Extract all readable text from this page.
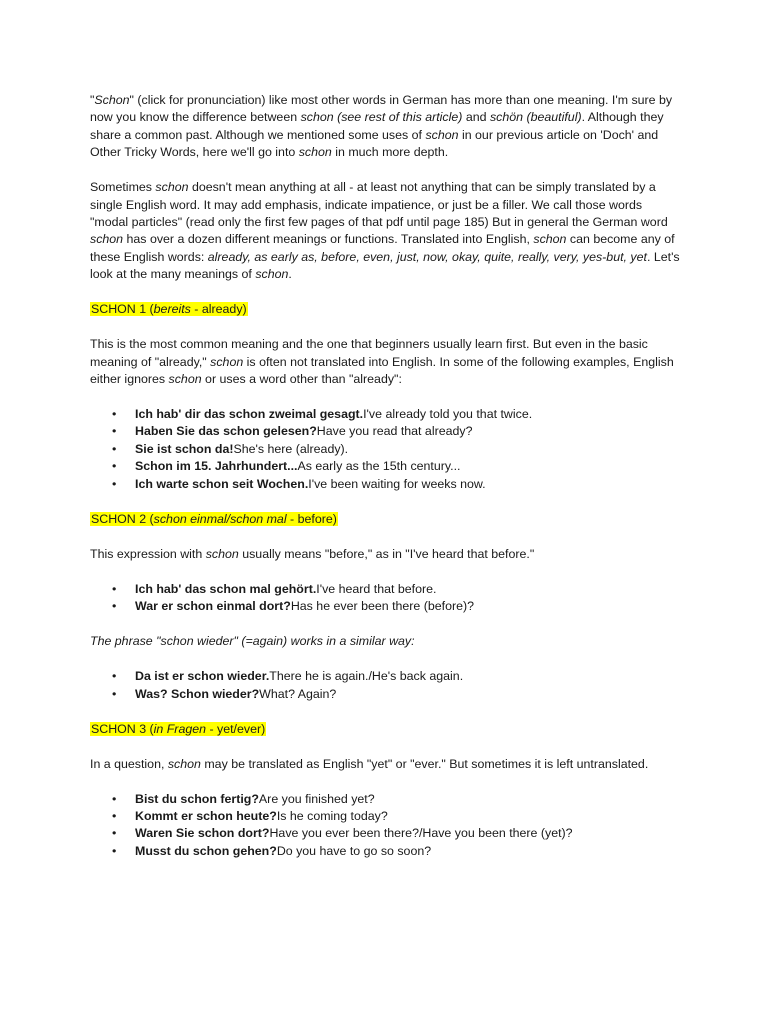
"Schon" (click for pronunciation) like most other words in German has more than one meaning. I'm sure by now you know the difference between schon (see rest of this article) and schön (beautiful). Although they share a common past. Although we mentioned some uses of schon in our previous article on 'Doch' and Other Tricky Words, here we'll go into schon in much more depth.

Sometimes schon doesn't mean anything at all - at least not anything that can be simply translated by a single English word. It may add emphasis, indicate impatience, or just be a filler. We call those words "modal particles" (read only the first few pages of that pdf until page 185) But in general the German word schon has over a dozen different meanings or functions. Translated into English, schon can become any of these English words: already, as early as, before, even, just, now, okay, quite, really, very, yes-but, yet. Let's look at the many meanings of schon.

SCHON 1 (bereits - already)

This is the most common meaning and the one that beginners usually learn first. But even in the basic meaning of "already," schon is often not translated into English. In some of the following examples, English either ignores schon or uses a word other than "already":

• Ich hab' dir das schon zweimal gesagt.I've already told you that twice.
• Haben Sie das schon gelesen?Have you read that already?
• Sie ist schon da!She's here (already).
• Schon im 15. Jahrhundert...As early as the 15th century...
• Ich warte schon seit Wochen.I've been waiting for weeks now.
SCHON 2 (schon einmal/schon mal - before)

This expression with schon usually means "before," as in "I've heard that before."

• Ich hab' das schon mal gehört.I've heard that before.
• War er schon einmal dort?Has he ever been there (before)?

The phrase "schon wieder" (=again) works in a similar way:

• Da ist er schon wieder.There he is again./He's back again.
• Was? Schon wieder?What? Again?
SCHON 3 (in Fragen - yet/ever)

In a question, schon may be translated as English "yet" or "ever." But sometimes it is left untranslated.

• Bist du schon fertig?Are you finished yet?
• Kommt er schon heute?Is he coming today?
• Waren Sie schon dort?Have you ever been there?/Have you been there (yet)?
• Musst du schon gehen?Do you have to go so soon?
